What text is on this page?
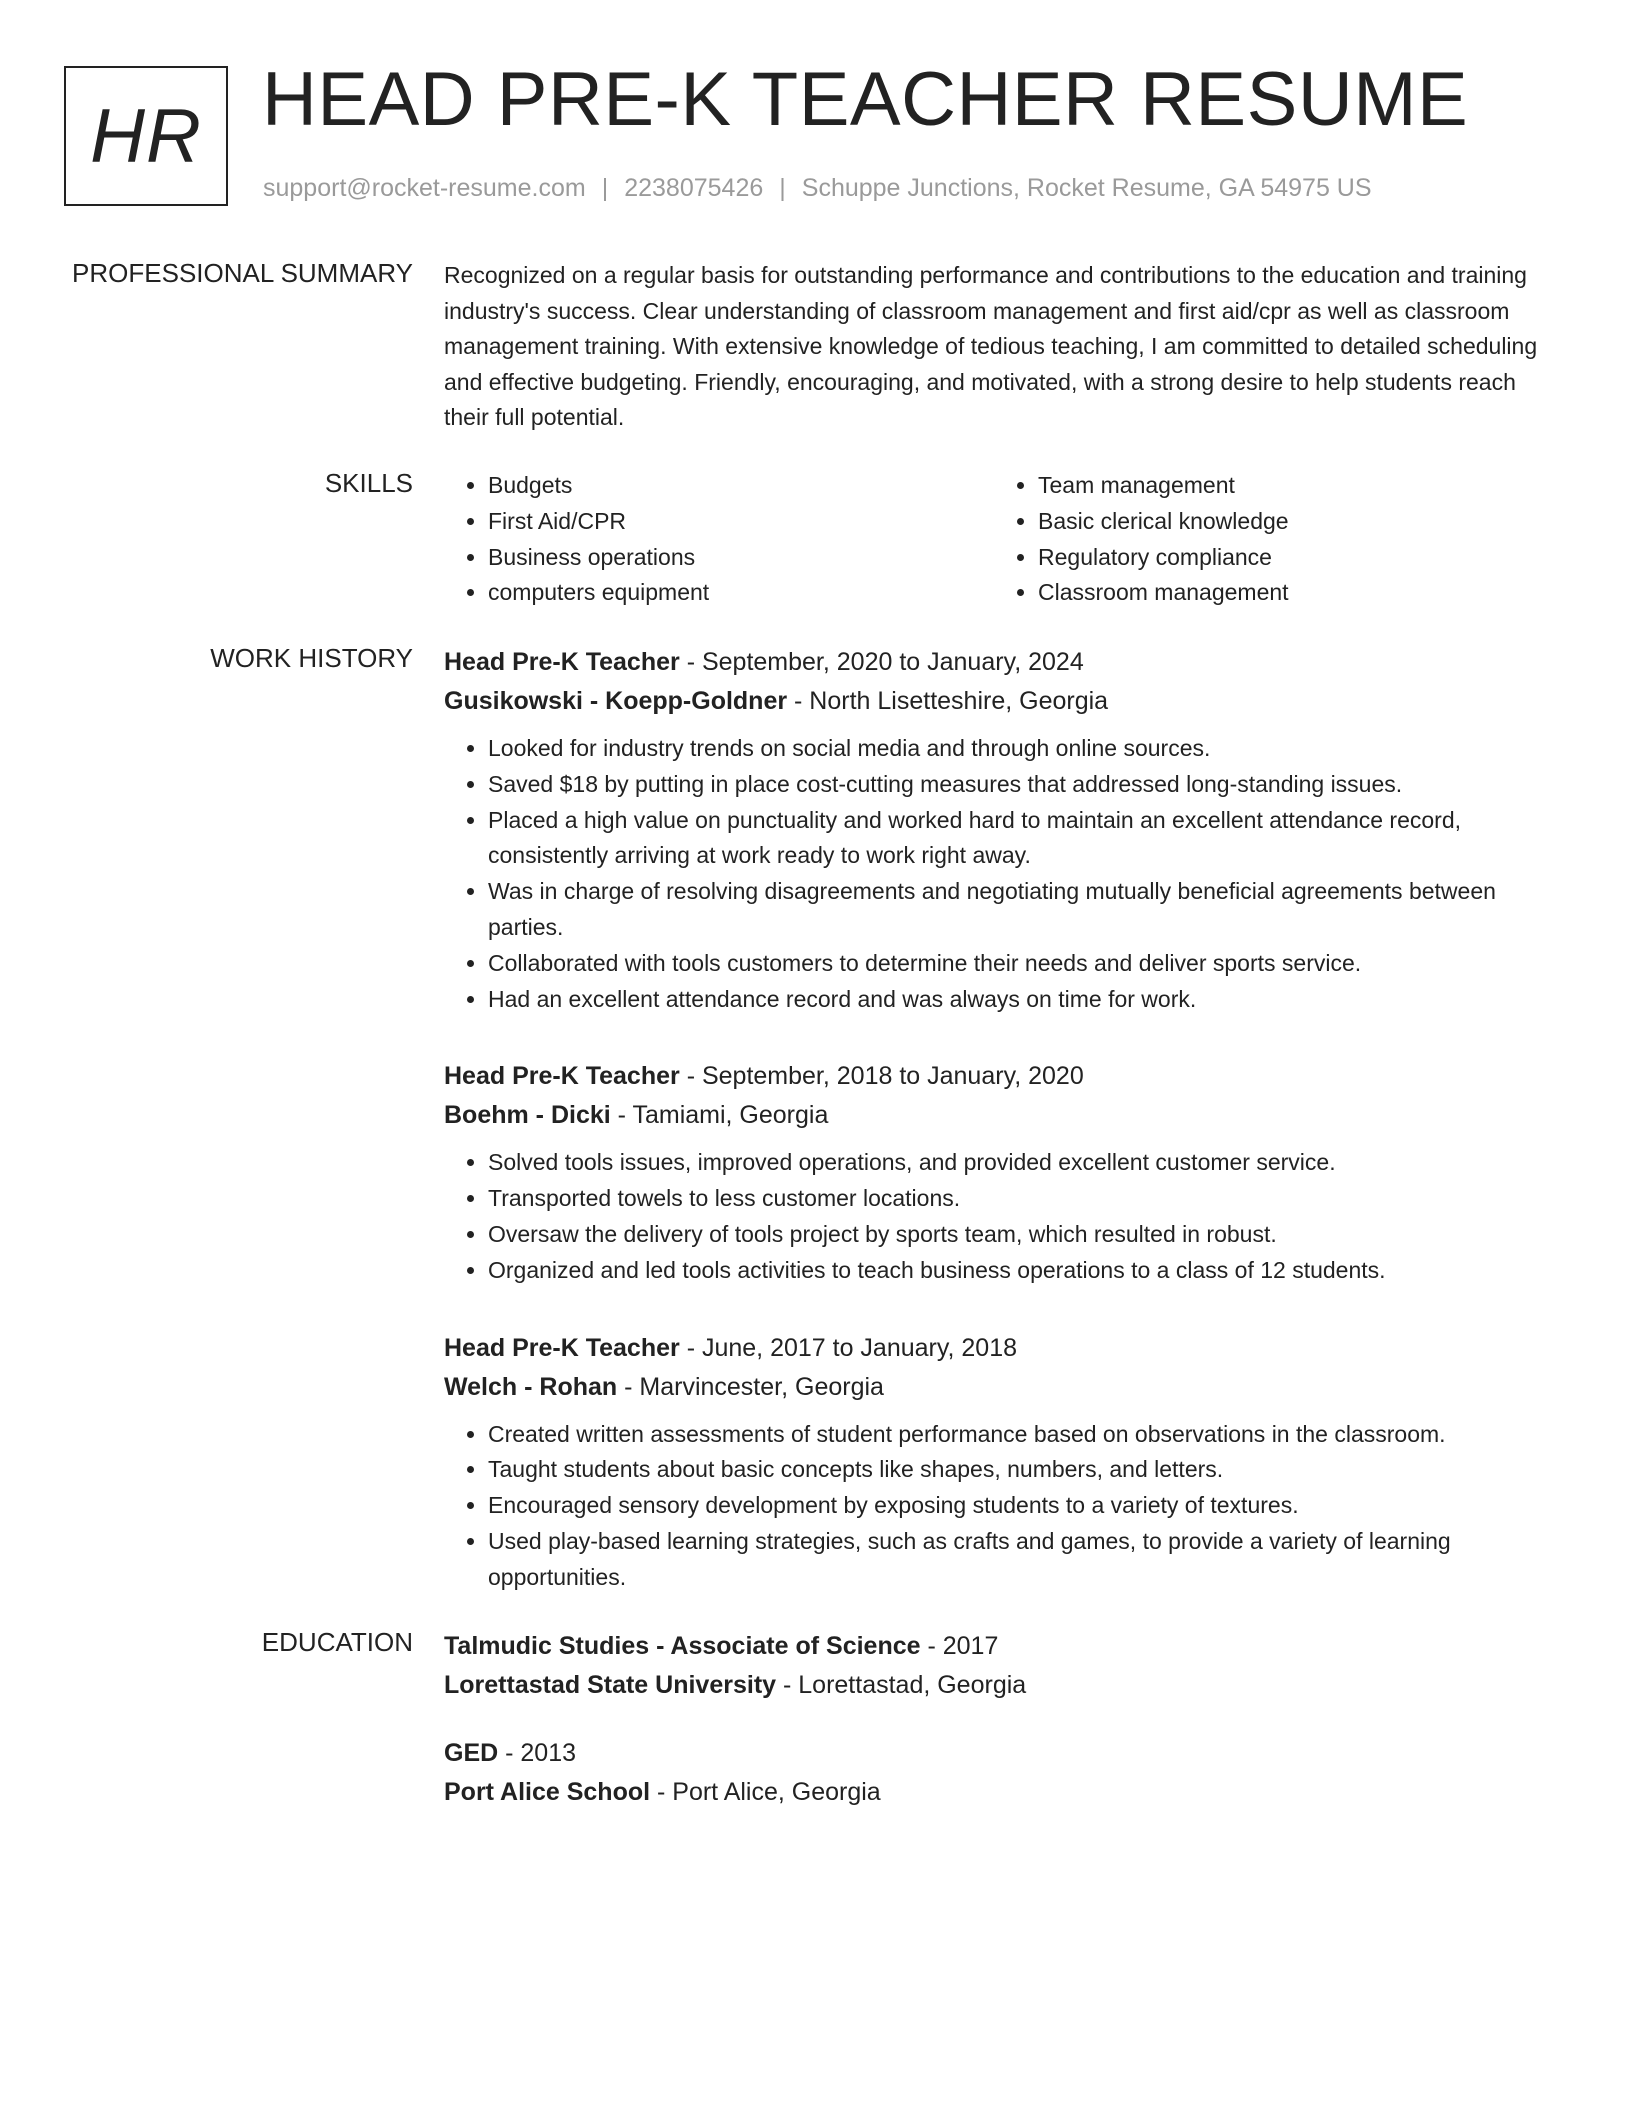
HR HEAD PRE-K TEACHER RESUME
support@rocket-resume.com | 2238075426 | Schuppe Junctions, Rocket Resume, GA 54975 US
PROFESSIONAL SUMMARY Recognized on a regular basis for outstanding performance and contributions to the education and training industry's success. Clear understanding of classroom management and first aid/cpr as well as classroom management training. With extensive knowledge of tedious teaching, I am committed to detailed scheduling and effective budgeting. Friendly, encouraging, and motivated, with a strong desire to help students reach their full potential.

SKILLS
•	Budgets
• First Aid/CPR
• Business operations
• computers equipment
• Team management
• Basic clerical knowledge
• Regulatory compliance
• Classroom management
WORK HISTORY Head Pre-K Teacher - September, 2020 to January, 2024
Gusikowski - Koepp-Goldner - North Lisetteshire, Georgia
• Looked for industry trends on social media and through online sources.
• Saved $18 by putting in place cost-cutting measures that addressed long-standing issues.
• Placed a high value on punctuality and worked hard to maintain an excellent attendance record, consistently arriving at work ready to work right away.
• Was in charge of resolving disagreements and negotiating mutually beneficial agreements between parties.
• Collaborated with tools customers to determine their needs and deliver sports service.
• Had an excellent attendance record and was always on time for work.
Head Pre-K Teacher - September, 2018 to January, 2020
Boehm - Dicki - Tamiami, Georgia
• Solved tools issues, improved operations, and provided excellent customer service.
• Transported towels to less customer locations.
• Oversaw the delivery of tools project by sports team, which resulted in robust.
• Organized and led tools activities to teach business operations to a class of 12 students.
Head Pre-K Teacher - June, 2017 to January, 2018
Welch - Rohan - Marvincester, Georgia
• Created written assessments of student performance based on observations in the classroom.
• Taught students about basic concepts like shapes, numbers, and letters.
• Encouraged sensory development by exposing students to a variety of textures.
• Used play-based learning strategies, such as crafts and games, to provide a variety of learning opportunities.
EDUCATION Talmudic Studies - Associate of Science - 2017
Lorettastad State University - Lorettastad, Georgia
GED - 2013
Port Alice School - Port Alice, Georgia
